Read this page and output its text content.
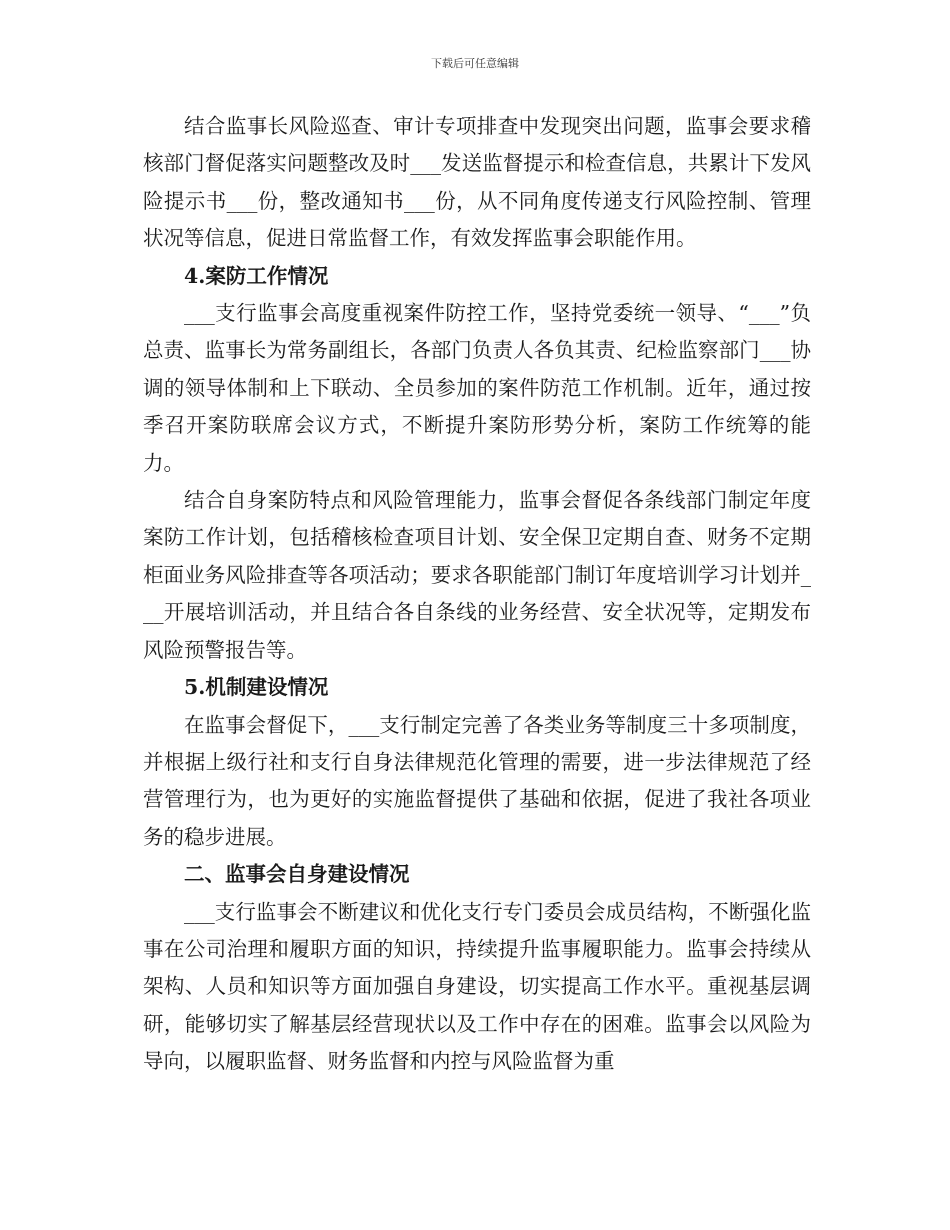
下载后可任意编辑

结合监事长风险巡查、审计专项排查中发现突出问题，监事会要求稽核部门督促落实问题整改及时___发送监督提示和检查信息，共累计下发风险提示书___份，整改通知书___份，从不同角度传递支行风险控制、管理状况等信息，促进日常监督工作，有效发挥监事会职能作用。

4.案防工作情况

___支行监事会高度重视案件防控工作，坚持党委统一领导、“___”负总责、监事长为常务副组长，各部门负责人各负其责、纪检监察部门___协调的领导体制和上下联动、全员参加的案件防范工作机制。近年，通过按季召开案防联席会议方式，不断提升案防形势分析，案防工作统筹的能力。

结合自身案防特点和风险管理能力，监事会督促各条线部门制定年度案防工作计划，包括稽核检查项目计划、安全保卫定期自查、财务不定期柜面业务风险排查等各项活动；要求各职能部门制订年度培训学习计划并___开展培训活动，并且结合各自条线的业务经营、安全状况等，定期发布风险预警报告等。

5.机制建设情况

在监事会督促下，___支行制定完善了各类业务等制度三十多项制度，并根据上级行社和支行自身法律规范化管理的需要，进一步法律规范了经营管理行为，也为更好的实施监督提供了基础和依据，促进了我社各项业务的稳步进展。

二、监事会自身建设情况

___支行监事会不断建议和优化支行专门委员会成员结构，不断强化监事在公司治理和履职方面的知识，持续提升监事履职能力。监事会持续从架构、人员和知识等方面加强自身建设，切实提高工作水平。重视基层调研，能够切实了解基层经营现状以及工作中存在的困难。监事会以风险为导向，以履职监督、财务监督和内控与风险监督为重
